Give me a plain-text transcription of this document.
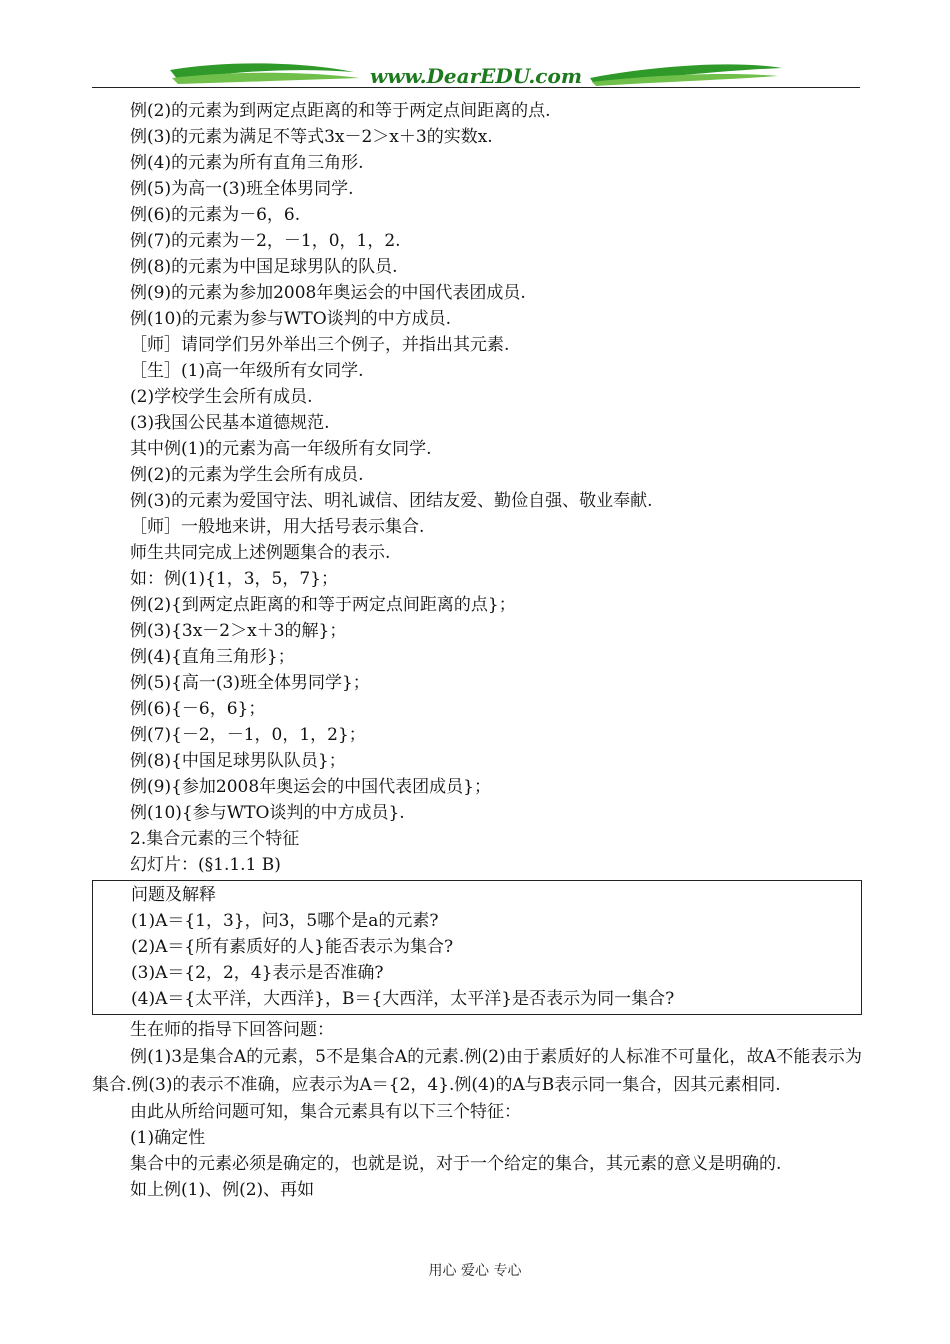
www.DearEDU.com
例(2)的元素为到两定点距离的和等于两定点间距离的点.
例(3)的元素为满足不等式3x－2＞x＋3的实数x.
例(4)的元素为所有直角三角形.
例(5)为高一(3)班全体男同学.
例(6)的元素为－6，6.
例(7)的元素为－2，－1，0，1，2.
例(8)的元素为中国足球男队的队员.
例(9)的元素为参加2008年奥运会的中国代表团成员.
例(10)的元素为参与WTO谈判的中方成员.
［师］请同学们另外举出三个例子，并指出其元素.
［生］(1)高一年级所有女同学.
(2)学校学生会所有成员.
(3)我国公民基本道德规范.
其中例(1)的元素为高一年级所有女同学.
例(2)的元素为学生会所有成员.
例(3)的元素为爱国守法、明礼诚信、团结友爱、勤俭自强、敬业奉献.
［师］一般地来讲，用大括号表示集合.
师生共同完成上述例题集合的表示.
如：例(1){1，3，5，7}；
例(2){到两定点距离的和等于两定点间距离的点}；
例(3){3x－2＞x＋3的解}；
例(4){直角三角形}；
例(5){高一(3)班全体男同学}；
例(6){－6，6}；
例(7){－2，－1，0，1，2}；
例(8){中国足球男队队员}；
例(9){参加2008年奥运会的中国代表团成员}；
例(10){参与WTO谈判的中方成员}.
2.集合元素的三个特征
幻灯片：(§1.1.1 B)
问题及解释
(1)A＝{1，3}，问3，5哪个是a的元素?
(2)A＝{所有素质好的人}能否表示为集合?
(3)A＝{2，2，4}表示是否准确?
(4)A＝{太平洋，大西洋}，B＝{大西洋，太平洋}是否表示为同一集合?
生在师的指导下回答问题：
例(1)3是集合A的元素，5不是集合A的元素.例(2)由于素质好的人标准不可量化，故A不能表示为集合.例(3)的表示不准确，应表示为A＝{2，4}.例(4)的A与B表示同一集合，因其元素相同.
由此从所给问题可知，集合元素具有以下三个特征：
(1)确定性
集合中的元素必须是确定的，也就是说，对于一个给定的集合，其元素的意义是明确的.
如上例(1)、例(2)、再如
用心 爱心 专心
